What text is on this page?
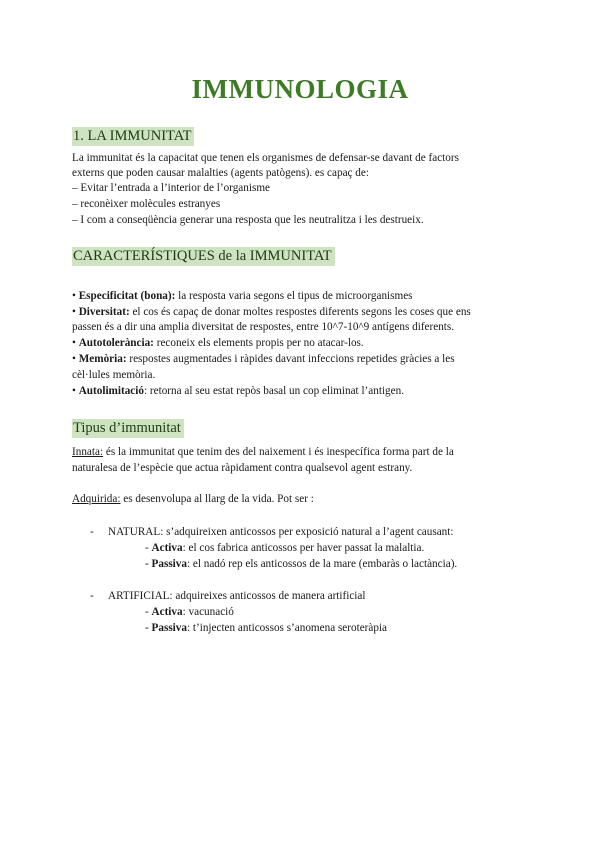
IMMUNOLOGIA
1. LA IMMUNITAT
La immunitat és la capacitat que tenen els organismes de defensar-se davant de factors
externs que poden causar malalties (agents patògens). es capaç de:
– Evitar l’entrada a l’interior de l’organisme
– reconèixer molècules estranyes
– I com a conseqüència generar una resposta que les neutralitza i les destrueix.
CARACTERÍSTIQUES de la IMMUNITAT
• Especificitat (bona): la resposta varia segons el tipus de microorganismes
• Diversitat: el cos és capaç de donar moltes respostes diferents segons les coses que ens
passen és a dir una amplia diversitat de respostes, entre 10^7-10^9 antígens diferents.
• Autotolerància: reconeix els elements propis per no atacar-los.
• Memòria: respostes augmentades i ràpides davant infeccions repetides gràcies a les
cèl·lules memòria.
• Autolimitació: retorna al seu estat repòs basal un cop eliminat l’antigen.
Tipus d’immunitat
Innata: és la immunitat que tenim des del naixement i és inespecífica forma part de la
naturalesa de l’espècie que actua ràpidament contra qualsevol agent estrany.
Adquirida: es desenvolupa al llarg de la vida. Pot ser :
- NATURAL: s’adquireixen anticossos per exposició natural a l’agent causant:
- Activa: el cos fabrica anticossos per haver passat la malaltia.
- Passiva: el nadó rep els anticossos de la mare (embaràs o lactància).
- ARTIFICIAL: adquireixes anticossos de manera artificial
- Activa: vacunació
- Passiva: t’injecten anticossos s’anomena seroteràpia
